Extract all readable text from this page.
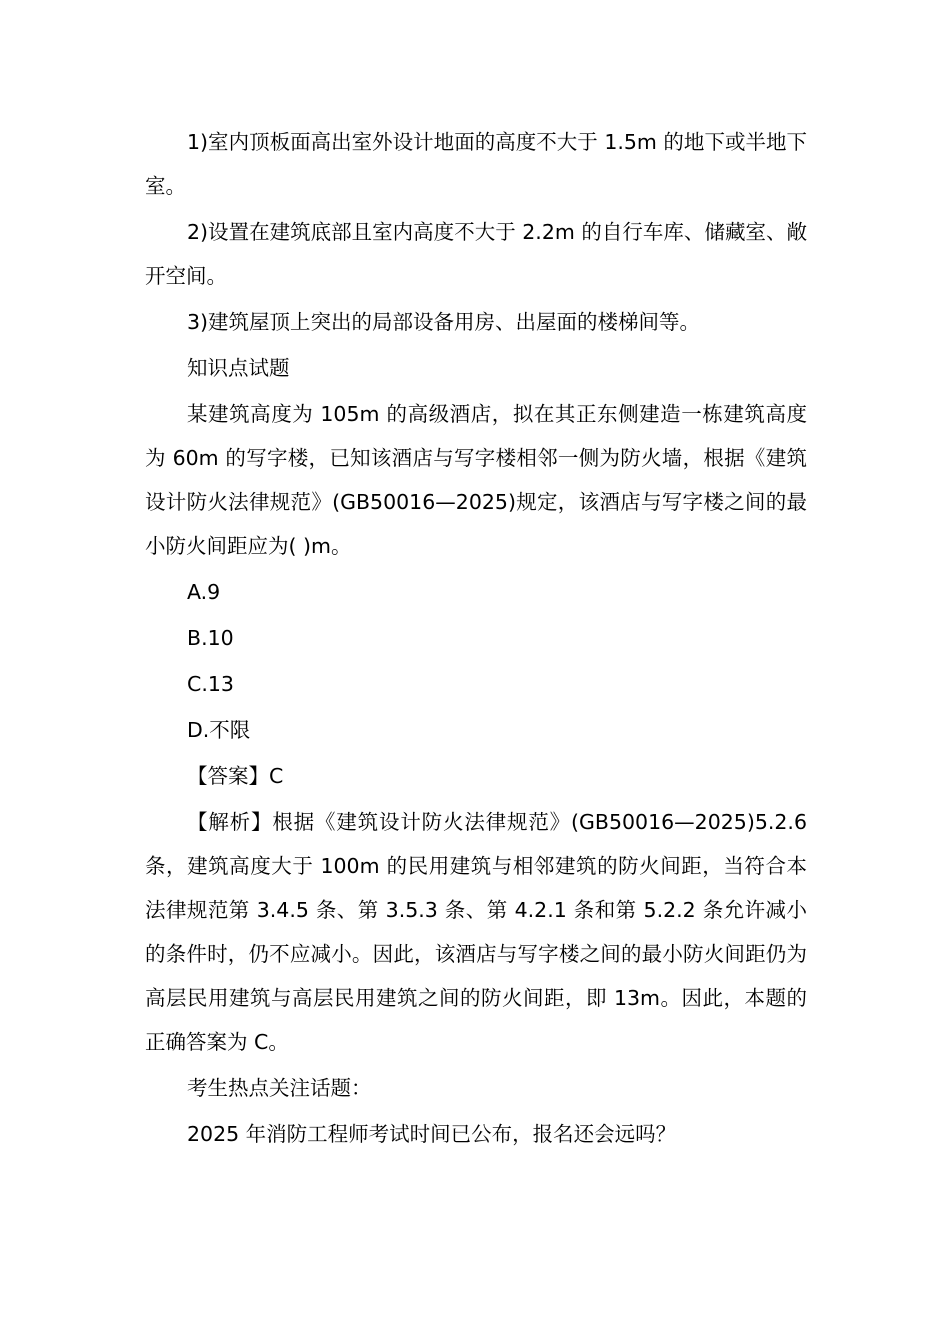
1)室内顶板面高出室外设计地面的高度不大于 1.5m 的地下或半地下室。

2)设置在建筑底部且室内高度不大于 2.2m 的自行车库、储藏室、敞开空间。

3)建筑屋顶上突出的局部设备用房、出屋面的楼梯间等。

知识点试题

某建筑高度为 105m 的高级酒店，拟在其正东侧建造一栋建筑高度为 60m 的写字楼，已知该酒店与写字楼相邻一侧为防火墙，根据《建筑设计防火法律规范》(GB50016—2025)规定，该酒店与写字楼之间的最小防火间距应为( )m。

A.9

B.10

C.13

D.不限

【答案】C

【解析】根据《建筑设计防火法律规范》(GB50016—2025)5.2.6 条，建筑高度大于 100m 的民用建筑与相邻建筑的防火间距，当符合本法律规范第 3.4.5 条、第 3.5.3 条、第 4.2.1 条和第 5.2.2 条允许减小的条件时，仍不应减小。因此，该酒店与写字楼之间的最小防火间距仍为高层民用建筑与高层民用建筑之间的防火间距，即 13m。因此，本题的正确答案为 C。

考生热点关注话题：

2025 年消防工程师考试时间已公布，报名还会远吗？
